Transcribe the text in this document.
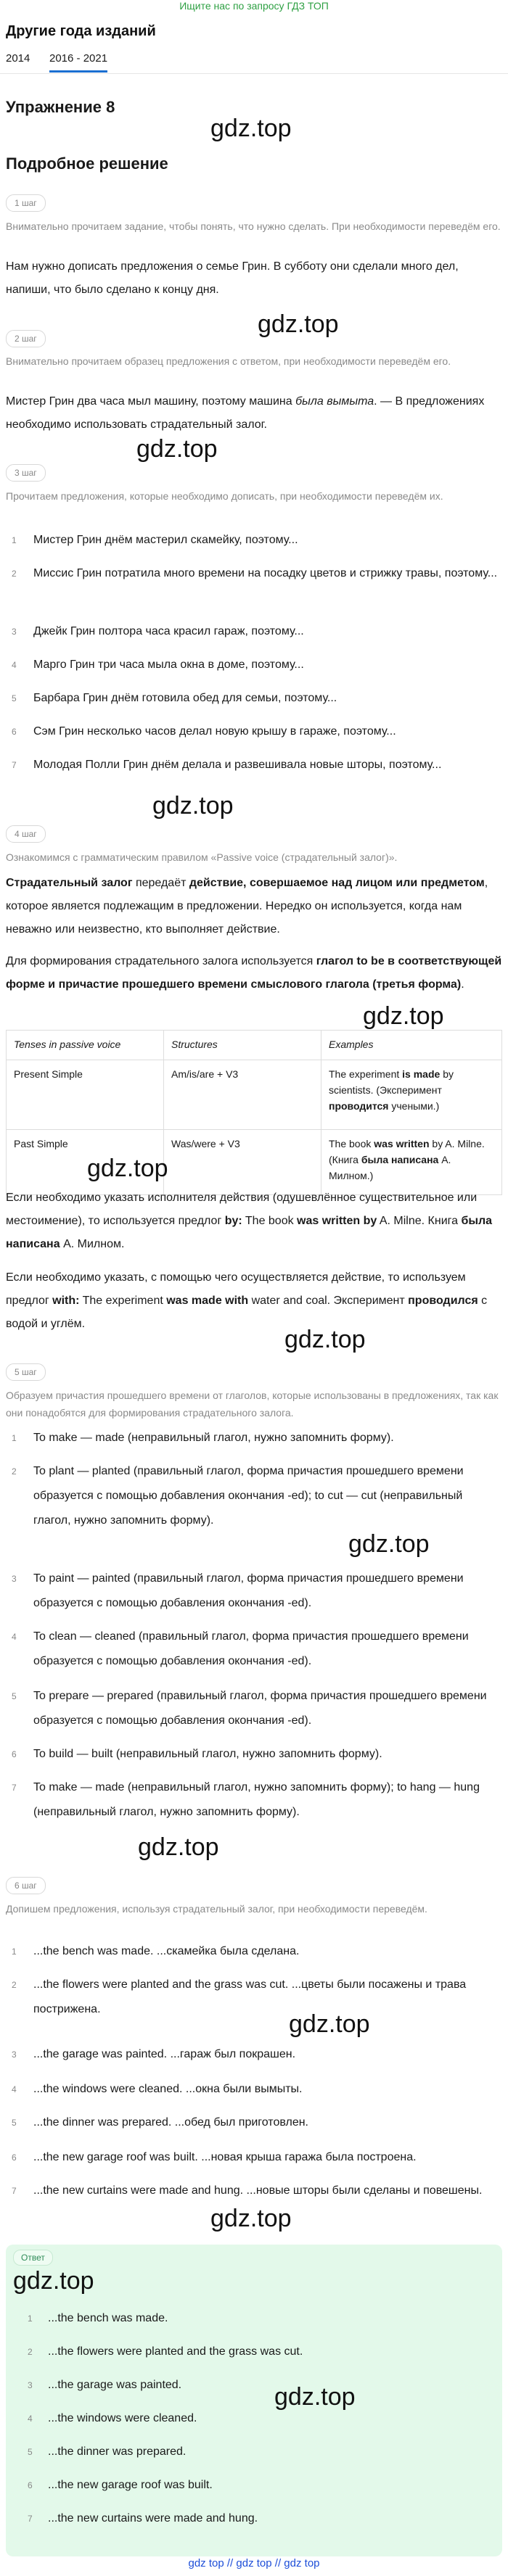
Ищите нас по запросу ГДЗ ТОП
Другие года изданий
2014 2016 - 2021
Упражнение 8
gdz.top
Подробное решение
1 шаг
Внимательно прочитаем задание, чтобы понять, что нужно сделать. При необходимости переведём его.
Нам нужно дописать предложения о семье Грин. В субботу они сделали много дел, напиши, что было сделано к концу дня.
gdz.top
2 шаг
Внимательно прочитаем образец предложения с ответом, при необходимости переведём его.
Мистер Грин два часа мыл машину, поэтому машина была вымыта. — В предложениях необходимо использовать страдательный залог.
gdz.top
3 шаг
Прочитаем предложения, которые необходимо дописать, при необходимости переведём их.
1	Мистер Грин днём мастерил скамейку, поэтому...
2	Миссис Грин потратила много времени на посадку цветов и стрижку травы, поэтому...
3	Джейк Грин полтора часа красил гараж, поэтому...
4	Марго Грин три часа мыла окна в доме, поэтому...
5	Барбара Грин днём готовила обед для семьи, поэтому...
6	Сэм Грин несколько часов делал новую крышу в гараже, поэтому...
7	Молодая Полли Грин днём делала и развешивала новые шторы, поэтому...
gdz.top
4 шаг
Ознакомимся с грамматическим правилом «Passive voice (страдательный залог)».
Страдательный залог передаёт действие, совершаемое над лицом или предметом, которое является подлежащим в предложении. Нередко он используется, когда нам неважно или неизвестно, кто выполняет действие.
Для формирования страдательного залога используется глагол to be в соответствующей форме и причастие прошедшего времени смыслового глагола (третья форма).
gdz.top
Tenses in passive voice	Structures	Examples
Present Simple	Am/is/are + V3	The experiment is made by scientists. (Эксперимент проводится учеными.)
Past Simple	Was/were + V3	The book was written by A. Milne. (Книга была написана А. Милном.)
gdz.top
Если необходимо указать исполнителя действия (одушевлённое существительное или местоимение), то используется предлог by: The book was written by A. Milne. Книга была написана А. Милном.
Если необходимо указать, с помощью чего осуществляется действие, то используем предлог with: The experiment was made with water and coal. Эксперимент проводился с водой и углём.
gdz.top
5 шаг
Образуем причастия прошедшего времени от глаголов, которые использованы в предложениях, так как они понадобятся для формирования страдательного залога.
1	To make — made (неправильный глагол, нужно запомнить форму).
2	To plant — planted (правильный глагол, форма причастия прошедшего времени образуется с помощью добавления окончания -ed); to cut — cut (неправильный глагол, нужно запомнить форму).
gdz.top
3	To paint — painted (правильный глагол, форма причастия прошедшего времени образуется с помощью добавления окончания -ed).
4	To clean — cleaned (правильный глагол, форма причастия прошедшего времени образуется с помощью добавления окончания -ed).
5	To prepare — prepared (правильный глагол, форма причастия прошедшего времени образуется с помощью добавления окончания -ed).
6	To build — built (неправильный глагол, нужно запомнить форму).
7	To make — made (неправильный глагол, нужно запомнить форму); to hang — hung (неправильный глагол, нужно запомнить форму).
gdz.top
6 шаг
Допишем предложения, используя страдательный залог, при необходимости переведём.
1	...the bench was made. ...скамейка была сделана.
2	...the flowers were planted and the grass was cut. ...цветы были посажены и трава пострижена.
gdz.top
3	...the garage was painted. ...гараж был покрашен.
4	...the windows were cleaned. ...окна были вымыты.
5	...the dinner was prepared. ...обед был приготовлен.
6	...the new garage roof was built. ...новая крыша гаража была построена.
7	...the new curtains were made and hung. ...новые шторы были сделаны и повешены.
gdz.top
Ответ
gdz.top
1	...the bench was made.
2	...the flowers were planted and the grass was cut.
3	...the garage was painted.	gdz.top
4	...the windows were cleaned.
5	...the dinner was prepared.
6	...the new garage roof was built.
7	...the new curtains were made and hung.
gdz top // gdz top // gdz top
